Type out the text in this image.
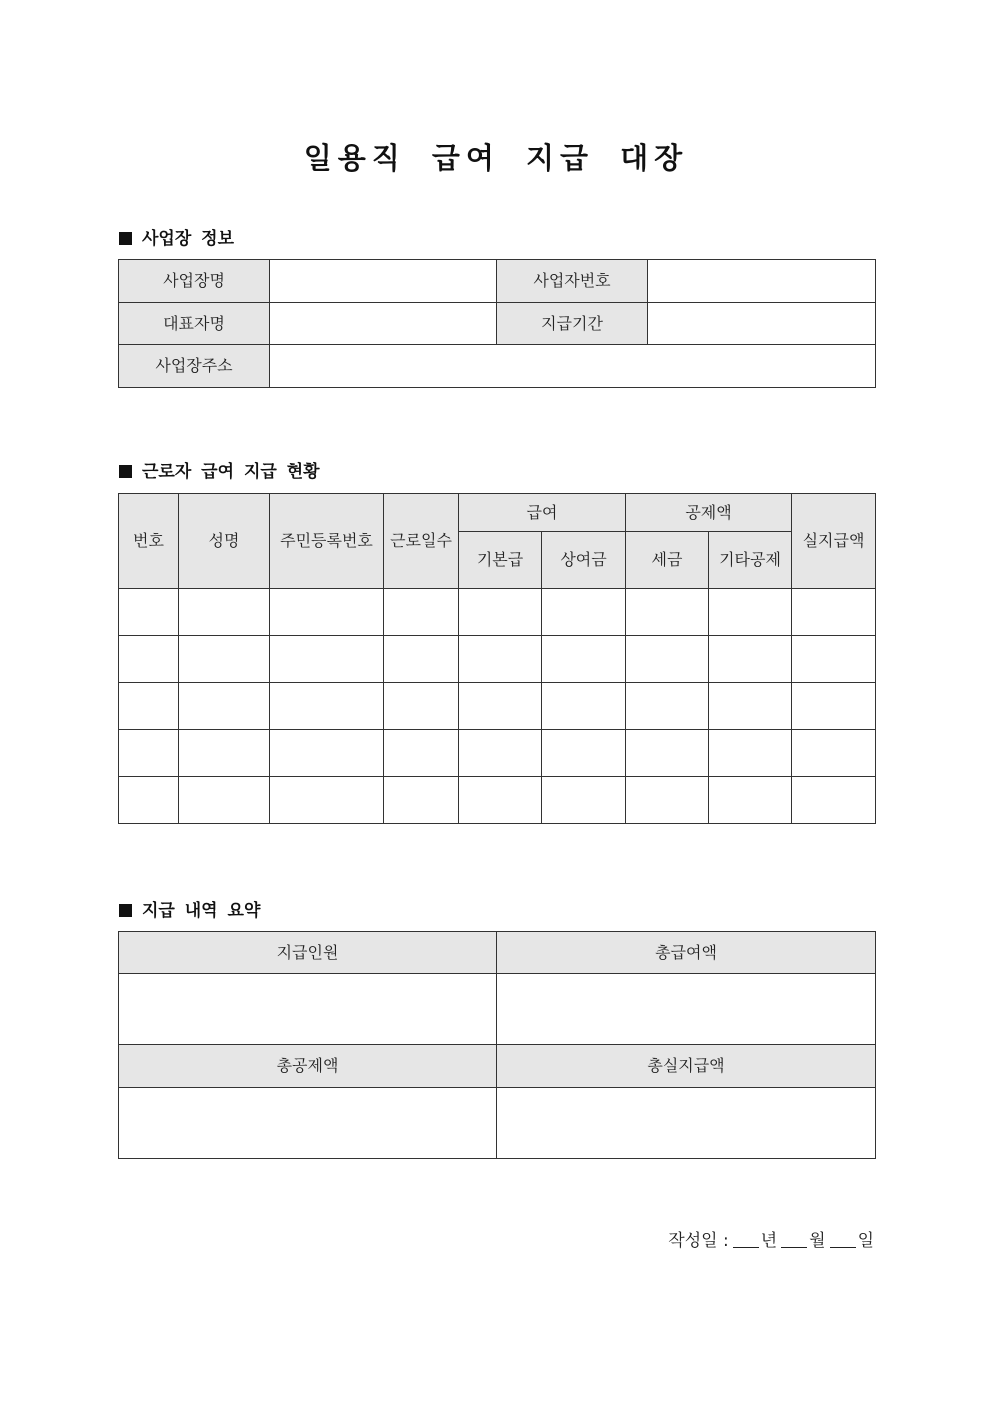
일용직 급여 지급 대장
사업장 정보
사업장명		사업자번호	
대표자명		지급기간	
사업장주소			
근로자 급여 지급 현황
번호	성명	주민등록번호	근로일수	급여		공제액		실지급액
				기본급	상여금	세금	기타공제	

지급 내역 요약
지급인원	총급여액

총공제액	총실지급액

작성일 : 년 월 일
